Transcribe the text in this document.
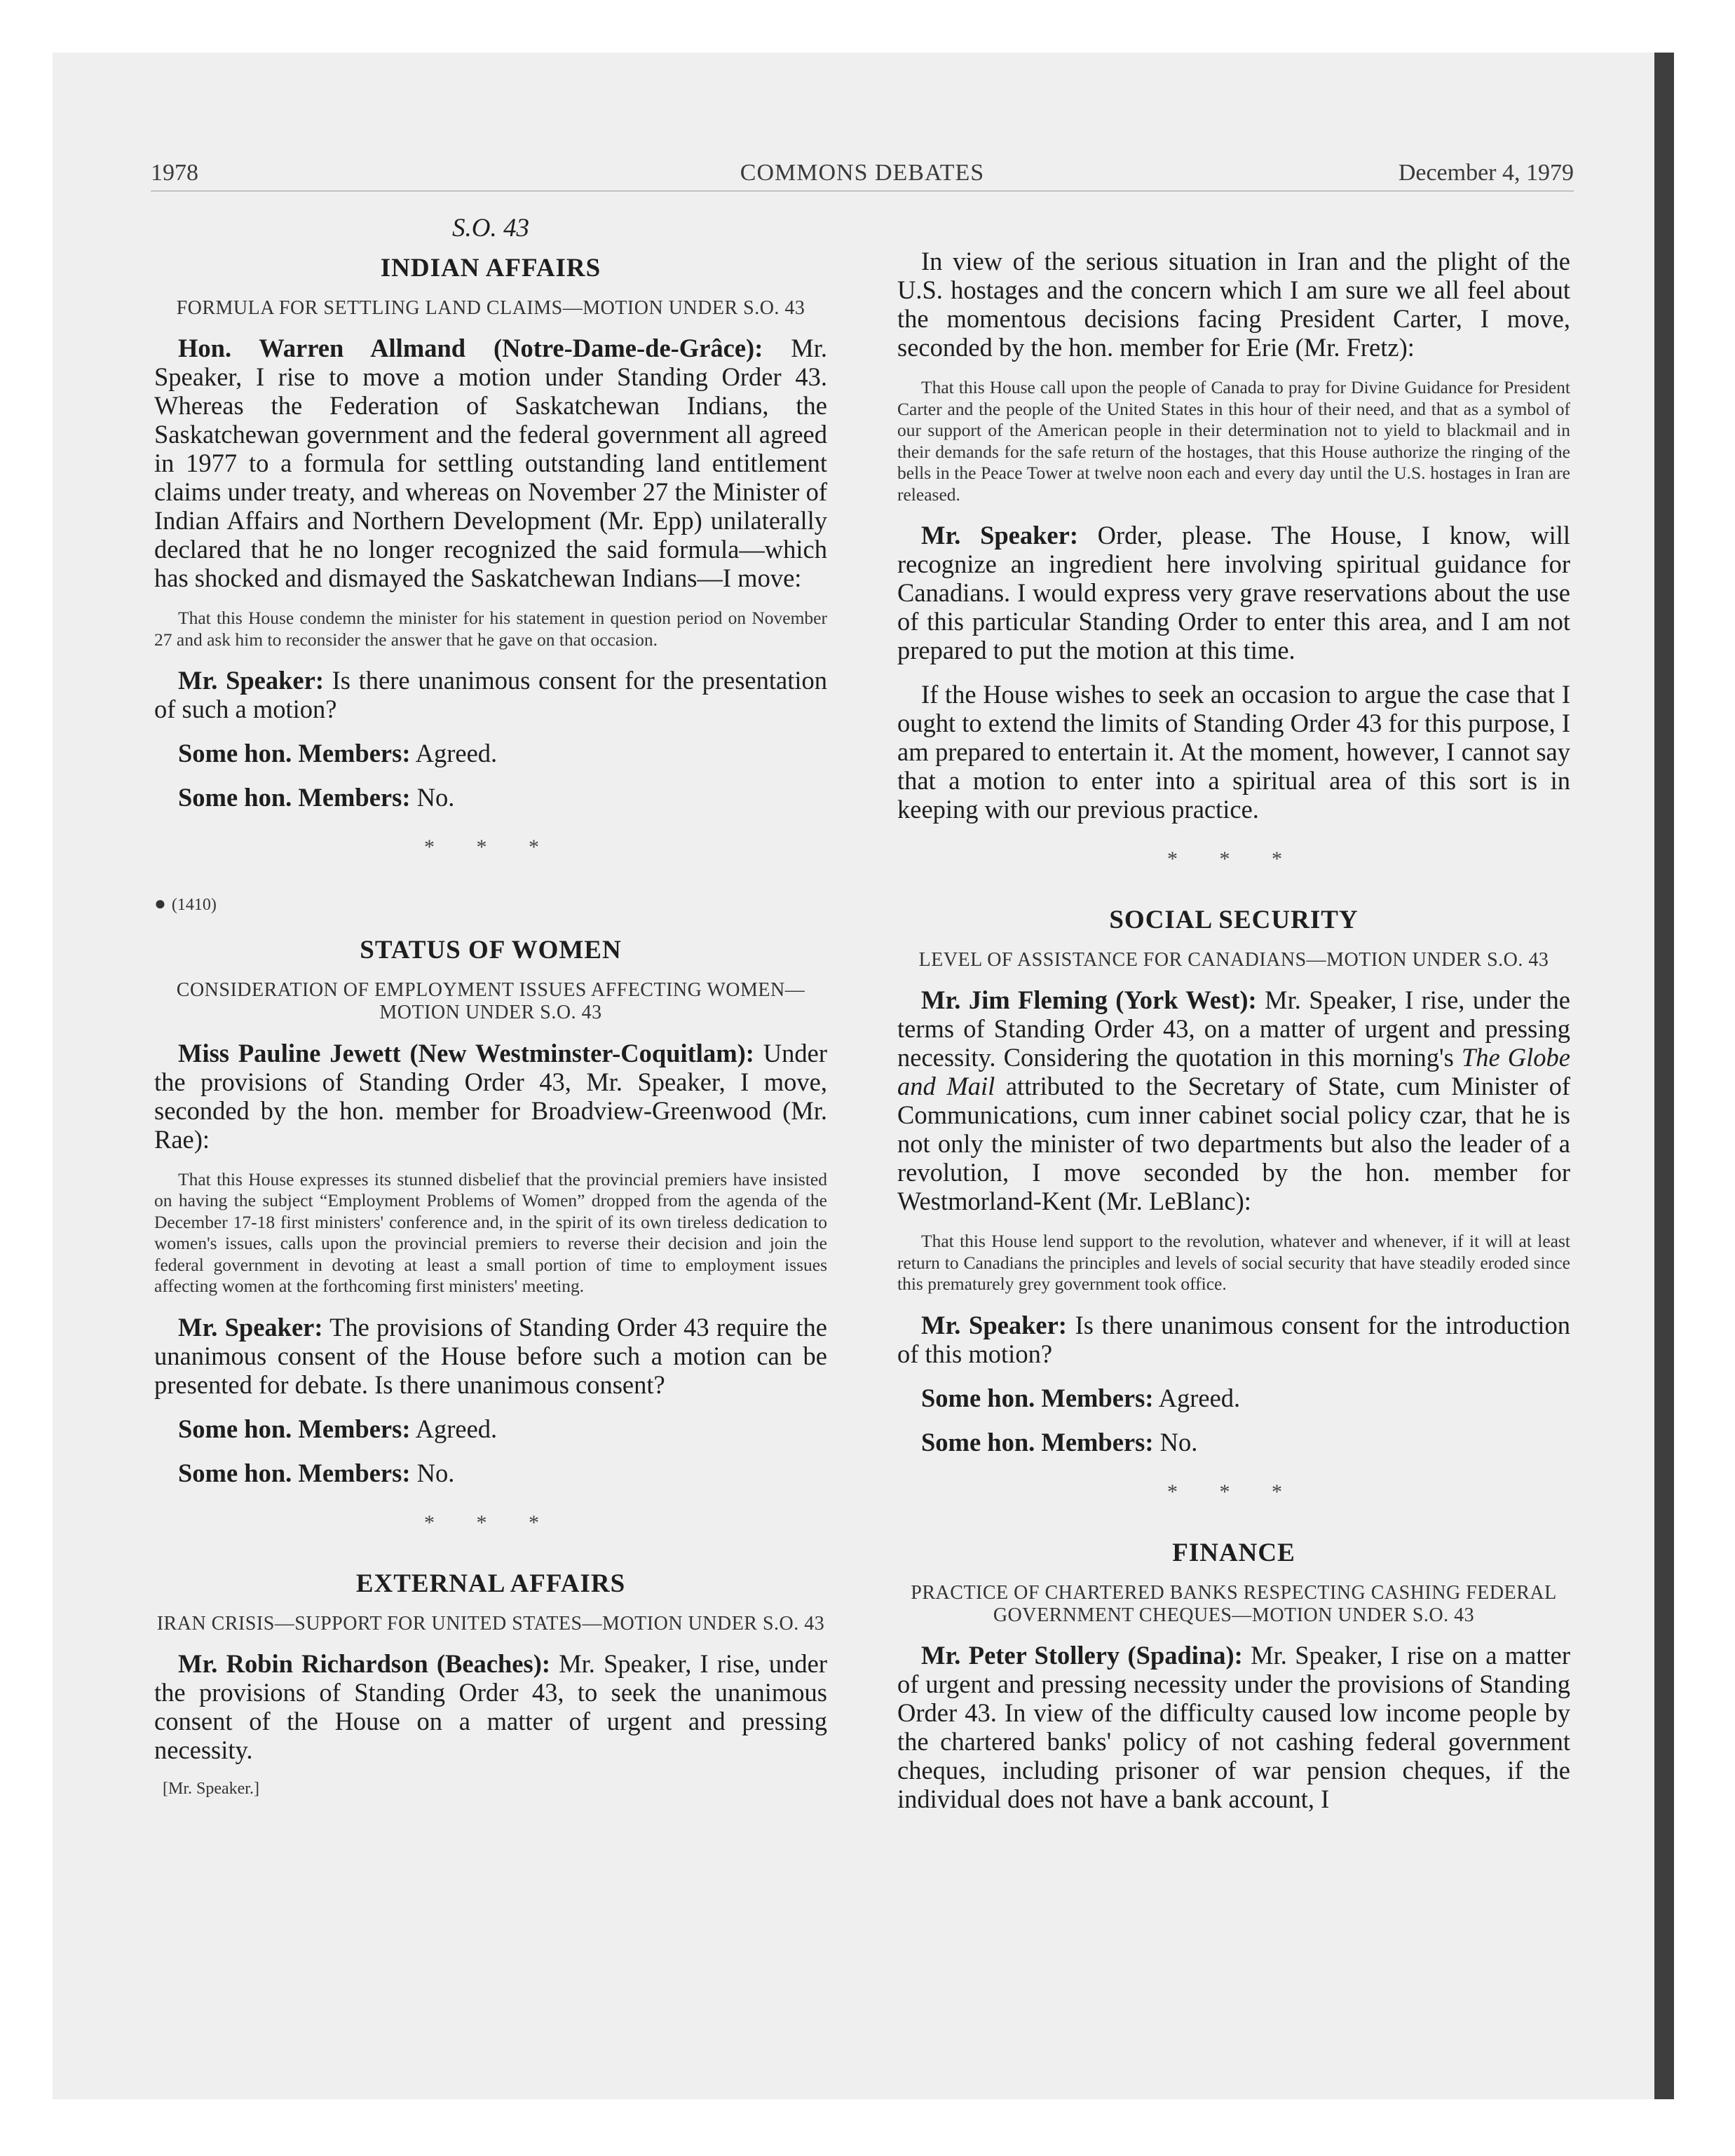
1978	COMMONS DEBATES	December 4, 1979
S.O. 43
INDIAN AFFAIRS
FORMULA FOR SETTLING LAND CLAIMS—MOTION UNDER S.O. 43

Hon. Warren Allmand (Notre-Dame-de-Grâce): Mr. Speaker, I rise to move a motion under Standing Order 43. Whereas the Federation of Saskatchewan Indians, the Saskatchewan government and the federal government all agreed in 1977 to a formula for settling outstanding land entitlement claims under treaty, and whereas on November 27 the Minister of Indian Affairs and Northern Development (Mr. Epp) unilaterally declared that he no longer recognized the said formula—which has shocked and dismayed the Saskatchewan Indians—I move:

That this House condemn the minister for his statement in question period on November 27 and ask him to reconsider the answer that he gave on that occasion.

Mr. Speaker: Is there unanimous consent for the presentation of such a motion?

Some hon. Members: Agreed.

Some hon. Members: No.

* * *
● (1410)
STATUS OF WOMEN
CONSIDERATION OF EMPLOYMENT ISSUES AFFECTING WOMEN—MOTION UNDER S.O. 43

Miss Pauline Jewett (New Westminster-Coquitlam): Under the provisions of Standing Order 43, Mr. Speaker, I move, seconded by the hon. member for Broadview-Greenwood (Mr. Rae):

That this House expresses its stunned disbelief that the provincial premiers have insisted on having the subject “Employment Problems of Women” dropped from the agenda of the December 17-18 first ministers' conference and, in the spirit of its own tireless dedication to women's issues, calls upon the provincial premiers to reverse their decision and join the federal government in devoting at least a small portion of time to employment issues affecting women at the forthcoming first ministers' meeting.

Mr. Speaker: The provisions of Standing Order 43 require the unanimous consent of the House before such a motion can be presented for debate. Is there unanimous consent?

Some hon. Members: Agreed.

Some hon. Members: No.

* * *
EXTERNAL AFFAIRS
IRAN CRISIS—SUPPORT FOR UNITED STATES—MOTION UNDER S.O. 43

Mr. Robin Richardson (Beaches): Mr. Speaker, I rise, under the provisions of Standing Order 43, to seek the unanimous consent of the House on a matter of urgent and pressing necessity.

[Mr. Speaker.]

In view of the serious situation in Iran and the plight of the U.S. hostages and the concern which I am sure we all feel about the momentous decisions facing President Carter, I move, seconded by the hon. member for Erie (Mr. Fretz):

That this House call upon the people of Canada to pray for Divine Guidance for President Carter and the people of the United States in this hour of their need, and that as a symbol of our support of the American people in their determination not to yield to blackmail and in their demands for the safe return of the hostages, that this House authorize the ringing of the bells in the Peace Tower at twelve noon each and every day until the U.S. hostages in Iran are released.

Mr. Speaker: Order, please. The House, I know, will recognize an ingredient here involving spiritual guidance for Canadians. I would express very grave reservations about the use of this particular Standing Order to enter this area, and I am not prepared to put the motion at this time.

If the House wishes to seek an occasion to argue the case that I ought to extend the limits of Standing Order 43 for this purpose, I am prepared to entertain it. At the moment, however, I cannot say that a motion to enter into a spiritual area of this sort is in keeping with our previous practice.

* * *
SOCIAL SECURITY
LEVEL OF ASSISTANCE FOR CANADIANS—MOTION UNDER S.O. 43

Mr. Jim Fleming (York West): Mr. Speaker, I rise, under the terms of Standing Order 43, on a matter of urgent and pressing necessity. Considering the quotation in this morning's The Globe and Mail attributed to the Secretary of State, cum Minister of Communications, cum inner cabinet social policy czar, that he is not only the minister of two departments but also the leader of a revolution, I move seconded by the hon. member for Westmorland-Kent (Mr. LeBlanc):

That this House lend support to the revolution, whatever and whenever, if it will at least return to Canadians the principles and levels of social security that have steadily eroded since this prematurely grey government took office.

Mr. Speaker: Is there unanimous consent for the introduction of this motion?

Some hon. Members: Agreed.

Some hon. Members: No.

* * *
FINANCE
PRACTICE OF CHARTERED BANKS RESPECTING CASHING FEDERAL GOVERNMENT CHEQUES—MOTION UNDER S.O. 43

Mr. Peter Stollery (Spadina): Mr. Speaker, I rise on a matter of urgent and pressing necessity under the provisions of Standing Order 43. In view of the difficulty caused low income people by the chartered banks' policy of not cashing federal government cheques, including prisoner of war pension cheques, if the individual does not have a bank account, I
